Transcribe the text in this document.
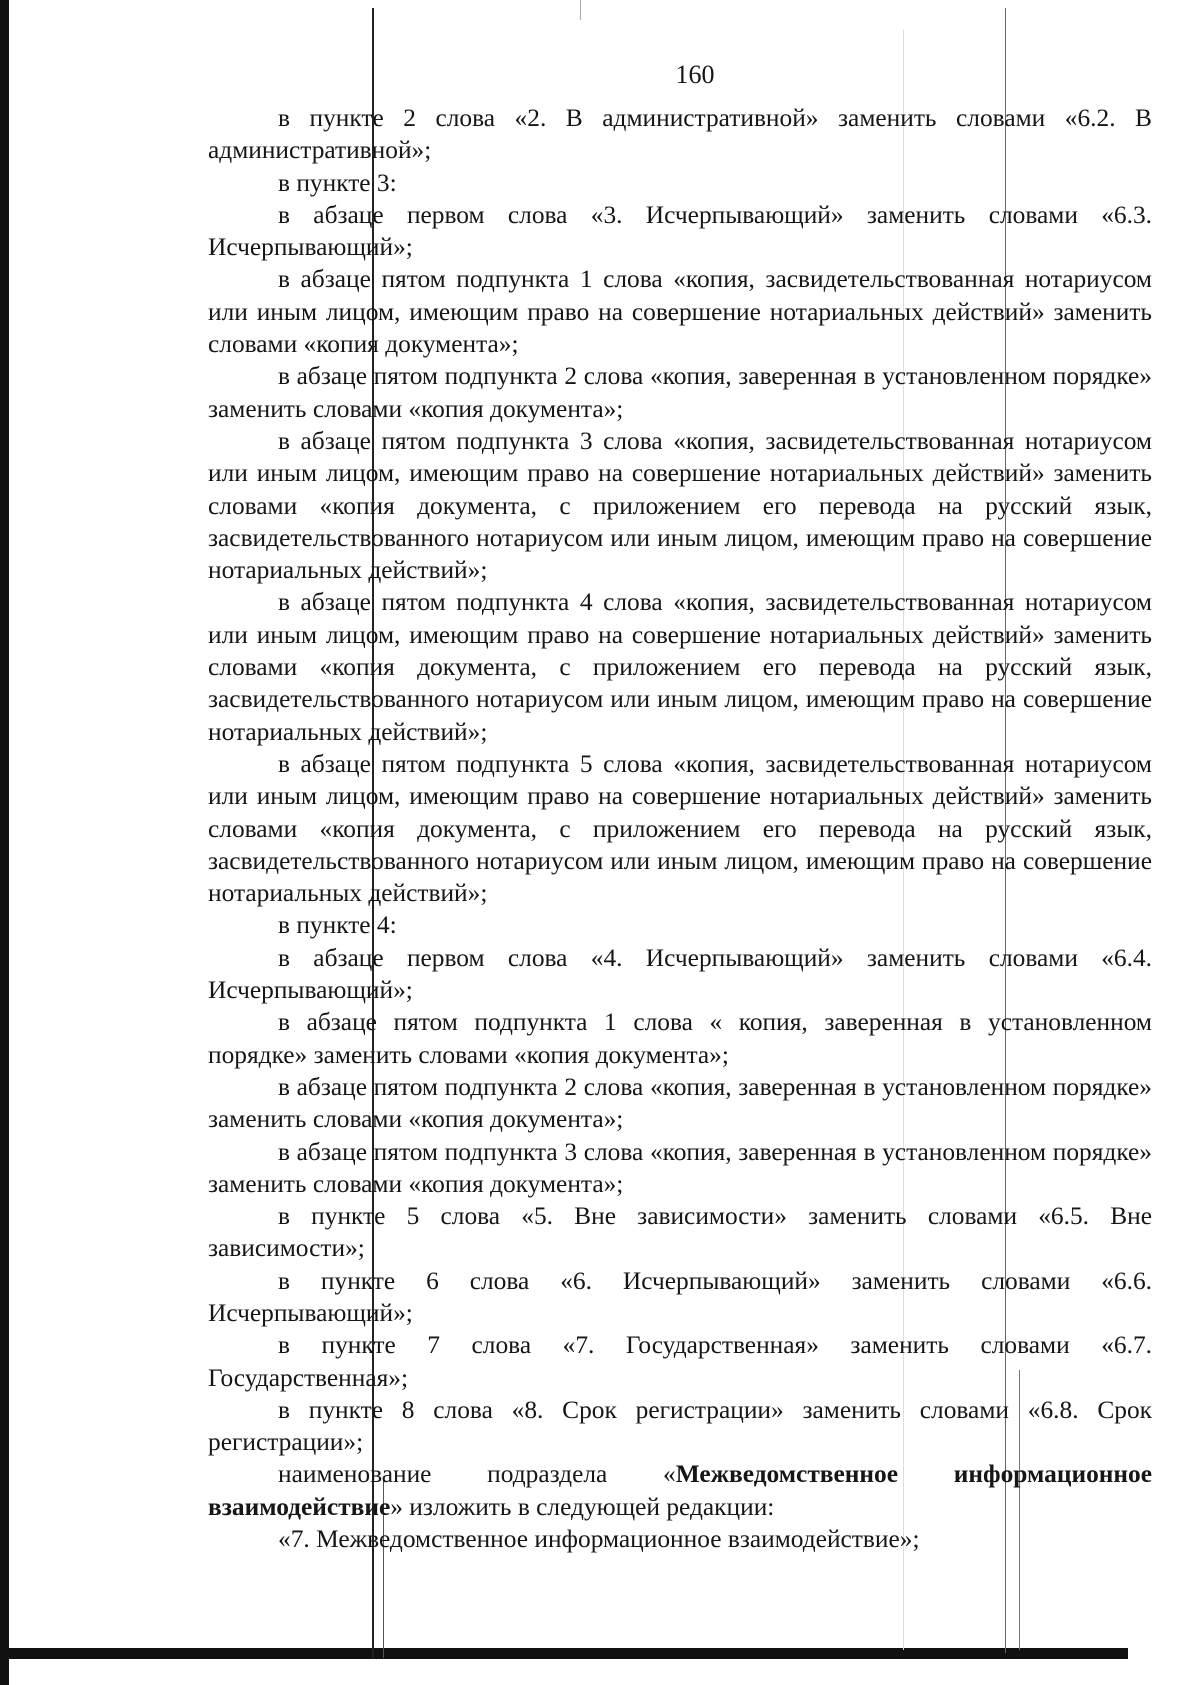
160

в пункте 2 слова «2. В административной» заменить словами «6.2. В административной»;

в пункте 3:

в абзаце первом слова «3. Исчерпывающий» заменить словами «6.3. Исчерпывающий»;

в абзаце пятом подпункта 1 слова «копия, засвидетельствованная нотариусом или иным лицом, имеющим право на совершение нотариальных действий» заменить словами «копия документа»;

в абзаце пятом подпункта 2 слова «копия, заверенная в установленном порядке» заменить словами «копия документа»;

в абзаце пятом подпункта 3 слова «копия, засвидетельствованная нотариусом или иным лицом, имеющим право на совершение нотариальных действий» заменить словами «копия документа, с приложением его перевода на русский язык, засвидетельствованного нотариусом или иным лицом, имеющим право на совершение нотариальных действий»;

в абзаце пятом подпункта 4 слова «копия, засвидетельствованная нотариусом или иным лицом, имеющим право на совершение нотариальных действий» заменить словами «копия документа, с приложением его перевода на русский язык, засвидетельствованного нотариусом или иным лицом, имеющим право на совершение нотариальных действий»;

в абзаце пятом подпункта 5 слова «копия, засвидетельствованная нотариусом или иным лицом, имеющим право на совершение нотариальных действий» заменить словами «копия документа, с приложением его перевода на русский язык, засвидетельствованного нотариусом или иным лицом, имеющим право на совершение нотариальных действий»;

в пункте 4:

в абзаце первом слова «4. Исчерпывающий» заменить словами «6.4. Исчерпывающий»;

в абзаце пятом подпункта 1 слова « копия, заверенная в установленном порядке» заменить словами «копия документа»;

в абзаце пятом подпункта 2 слова «копия, заверенная в установленном порядке» заменить словами «копия документа»;

в абзаце пятом подпункта 3 слова «копия, заверенная в установленном порядке» заменить словами «копия документа»;

в пункте 5 слова «5. Вне зависимости» заменить словами «6.5. Вне зависимости»;

в пункте 6 слова «6. Исчерпывающий» заменить словами «6.6. Исчерпывающий»;

в пункте 7 слова «7. Государственная» заменить словами «6.7. Государственная»;

в пункте 8 слова «8. Срок регистрации» заменить словами «6.8. Срок регистрации»;

наименование подраздела «Межведомственное информационное взаимодействие» изложить в следующей редакции:

«7. Межведомственное информационное взаимодействие»;
